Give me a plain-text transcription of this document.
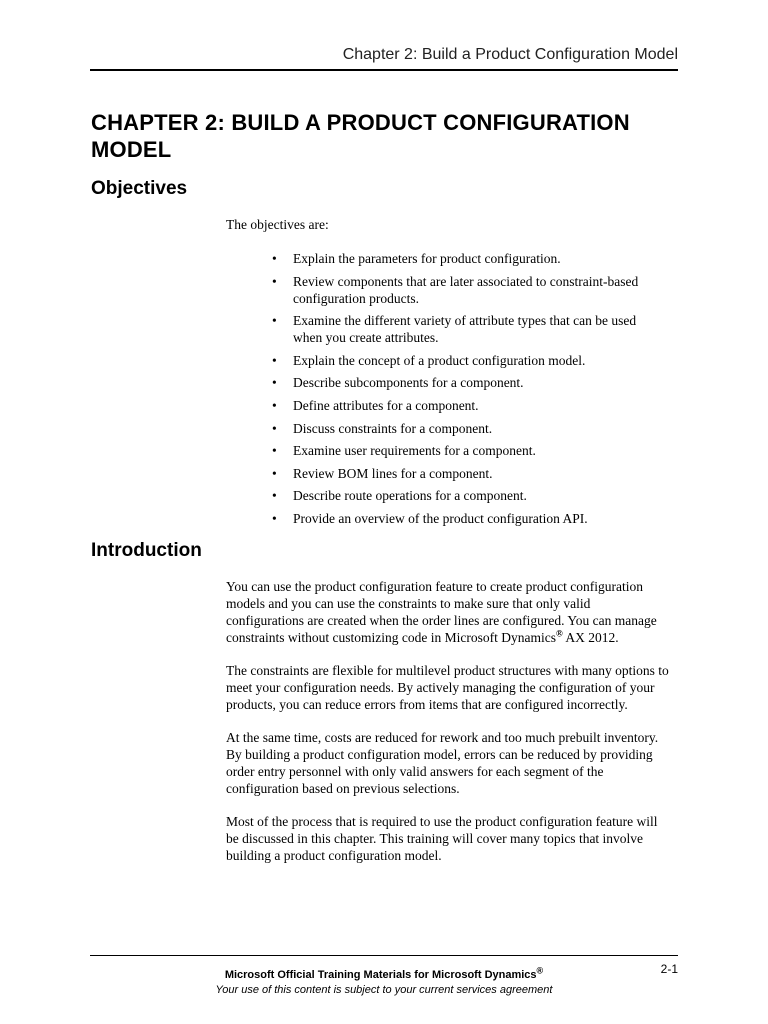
Chapter 2: Build a Product Configuration Model
CHAPTER 2: BUILD A PRODUCT CONFIGURATION MODEL
Objectives

The objectives are:

• Explain the parameters for product configuration.
• Review components that are later associated to constraint-based configuration products.
• Examine the different variety of attribute types that can be used when you create attributes.
• Explain the concept of a product configuration model.
• Describe subcomponents for a component.
• Define attributes for a component.
• Discuss constraints for a component.
• Examine user requirements for a component.
• Review BOM lines for a component.
• Describe route operations for a component.
• Provide an overview of the product configuration API.
Introduction

You can use the product configuration feature to create product configuration models and you can use the constraints to make sure that only valid configurations are created when the order lines are configured. You can manage constraints without customizing code in Microsoft Dynamics® AX 2012.

The constraints are flexible for multilevel product structures with many options to meet your configuration needs. By actively managing the configuration of your products, you can reduce errors from items that are configured incorrectly.

At the same time, costs are reduced for rework and too much prebuilt inventory. By building a product configuration model, errors can be reduced by providing order entry personnel with only valid answers for each segment of the configuration based on previous selections.

Most of the process that is required to use the product configuration feature will be discussed in this chapter. This training will cover many topics that involve building a product configuration model.

Microsoft Official Training Materials for Microsoft Dynamics®
Your use of this content is subject to your current services agreement
2-1
